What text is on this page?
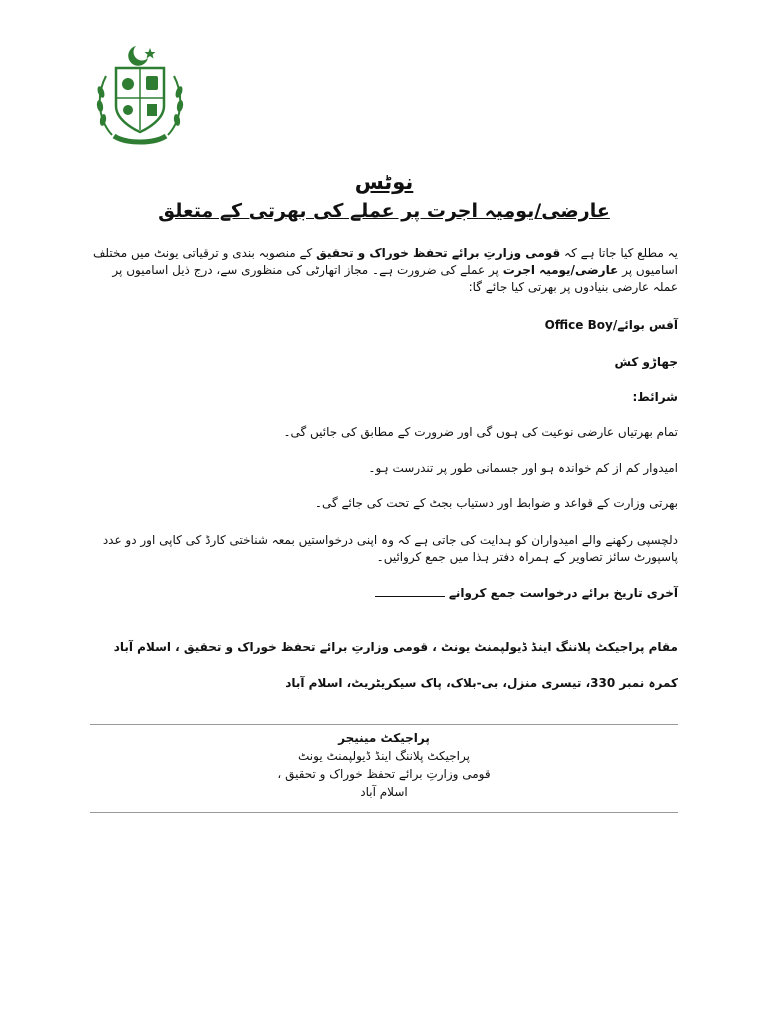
نوٹس
عارضی/یومیہ اجرت پر عملے کی بھرتی کے متعلق
یہ مطلع کیا جاتا ہے کہ قومی وزارتِ برائے تحفظ خوراک و تحقیق کے منصوبہ بندی و ترقیاتی یونٹ میں مختلف اسامیوں پر عارضی/یومیہ اجرت پر عملے کی ضرورت ہے۔ مجاز اتھارٹی کی منظوری سے، درج ذیل اسامیوں پر عملہ عارضی بنیادوں پر بھرتی کیا جائے گا:
آفس بوائے/Office Boy
جھاڑو کش
شرائط:
تمام بھرتیاں عارضی نوعیت کی ہوں گی اور ضرورت کے مطابق کی جائیں گی۔
امیدوار کم از کم خواندہ ہو اور جسمانی طور پر تندرست ہو۔
بھرتی وزارت کے قواعد و ضوابط اور دستیاب بجٹ کے تحت کی جائے گی۔
دلچسپی رکھنے والے امیدواران کو ہدایت کی جاتی ہے کہ وہ اپنی درخواستیں بمعہ شناختی کارڈ کی کاپی اور دو عدد پاسپورٹ سائز تصاویر کے ہمراہ دفتر ہذا میں جمع کروائیں۔
آخری تاریخ برائے درخواست جمع کروانے
مقام پراجیکٹ پلاننگ اینڈ ڈیولپمنٹ یونٹ ، قومی وزارتِ برائے تحفظ خوراک و تحقیق ، اسلام آباد
کمرہ نمبر 330، تیسری منزل، بی-بلاک، پاک سیکریٹریٹ، اسلام آباد
پراجیکٹ مینیجر
پراجیکٹ پلاننگ اینڈ ڈیولپمنٹ یونٹ
قومی وزارتِ برائے تحفظ خوراک و تحقیق ،
اسلام آباد
